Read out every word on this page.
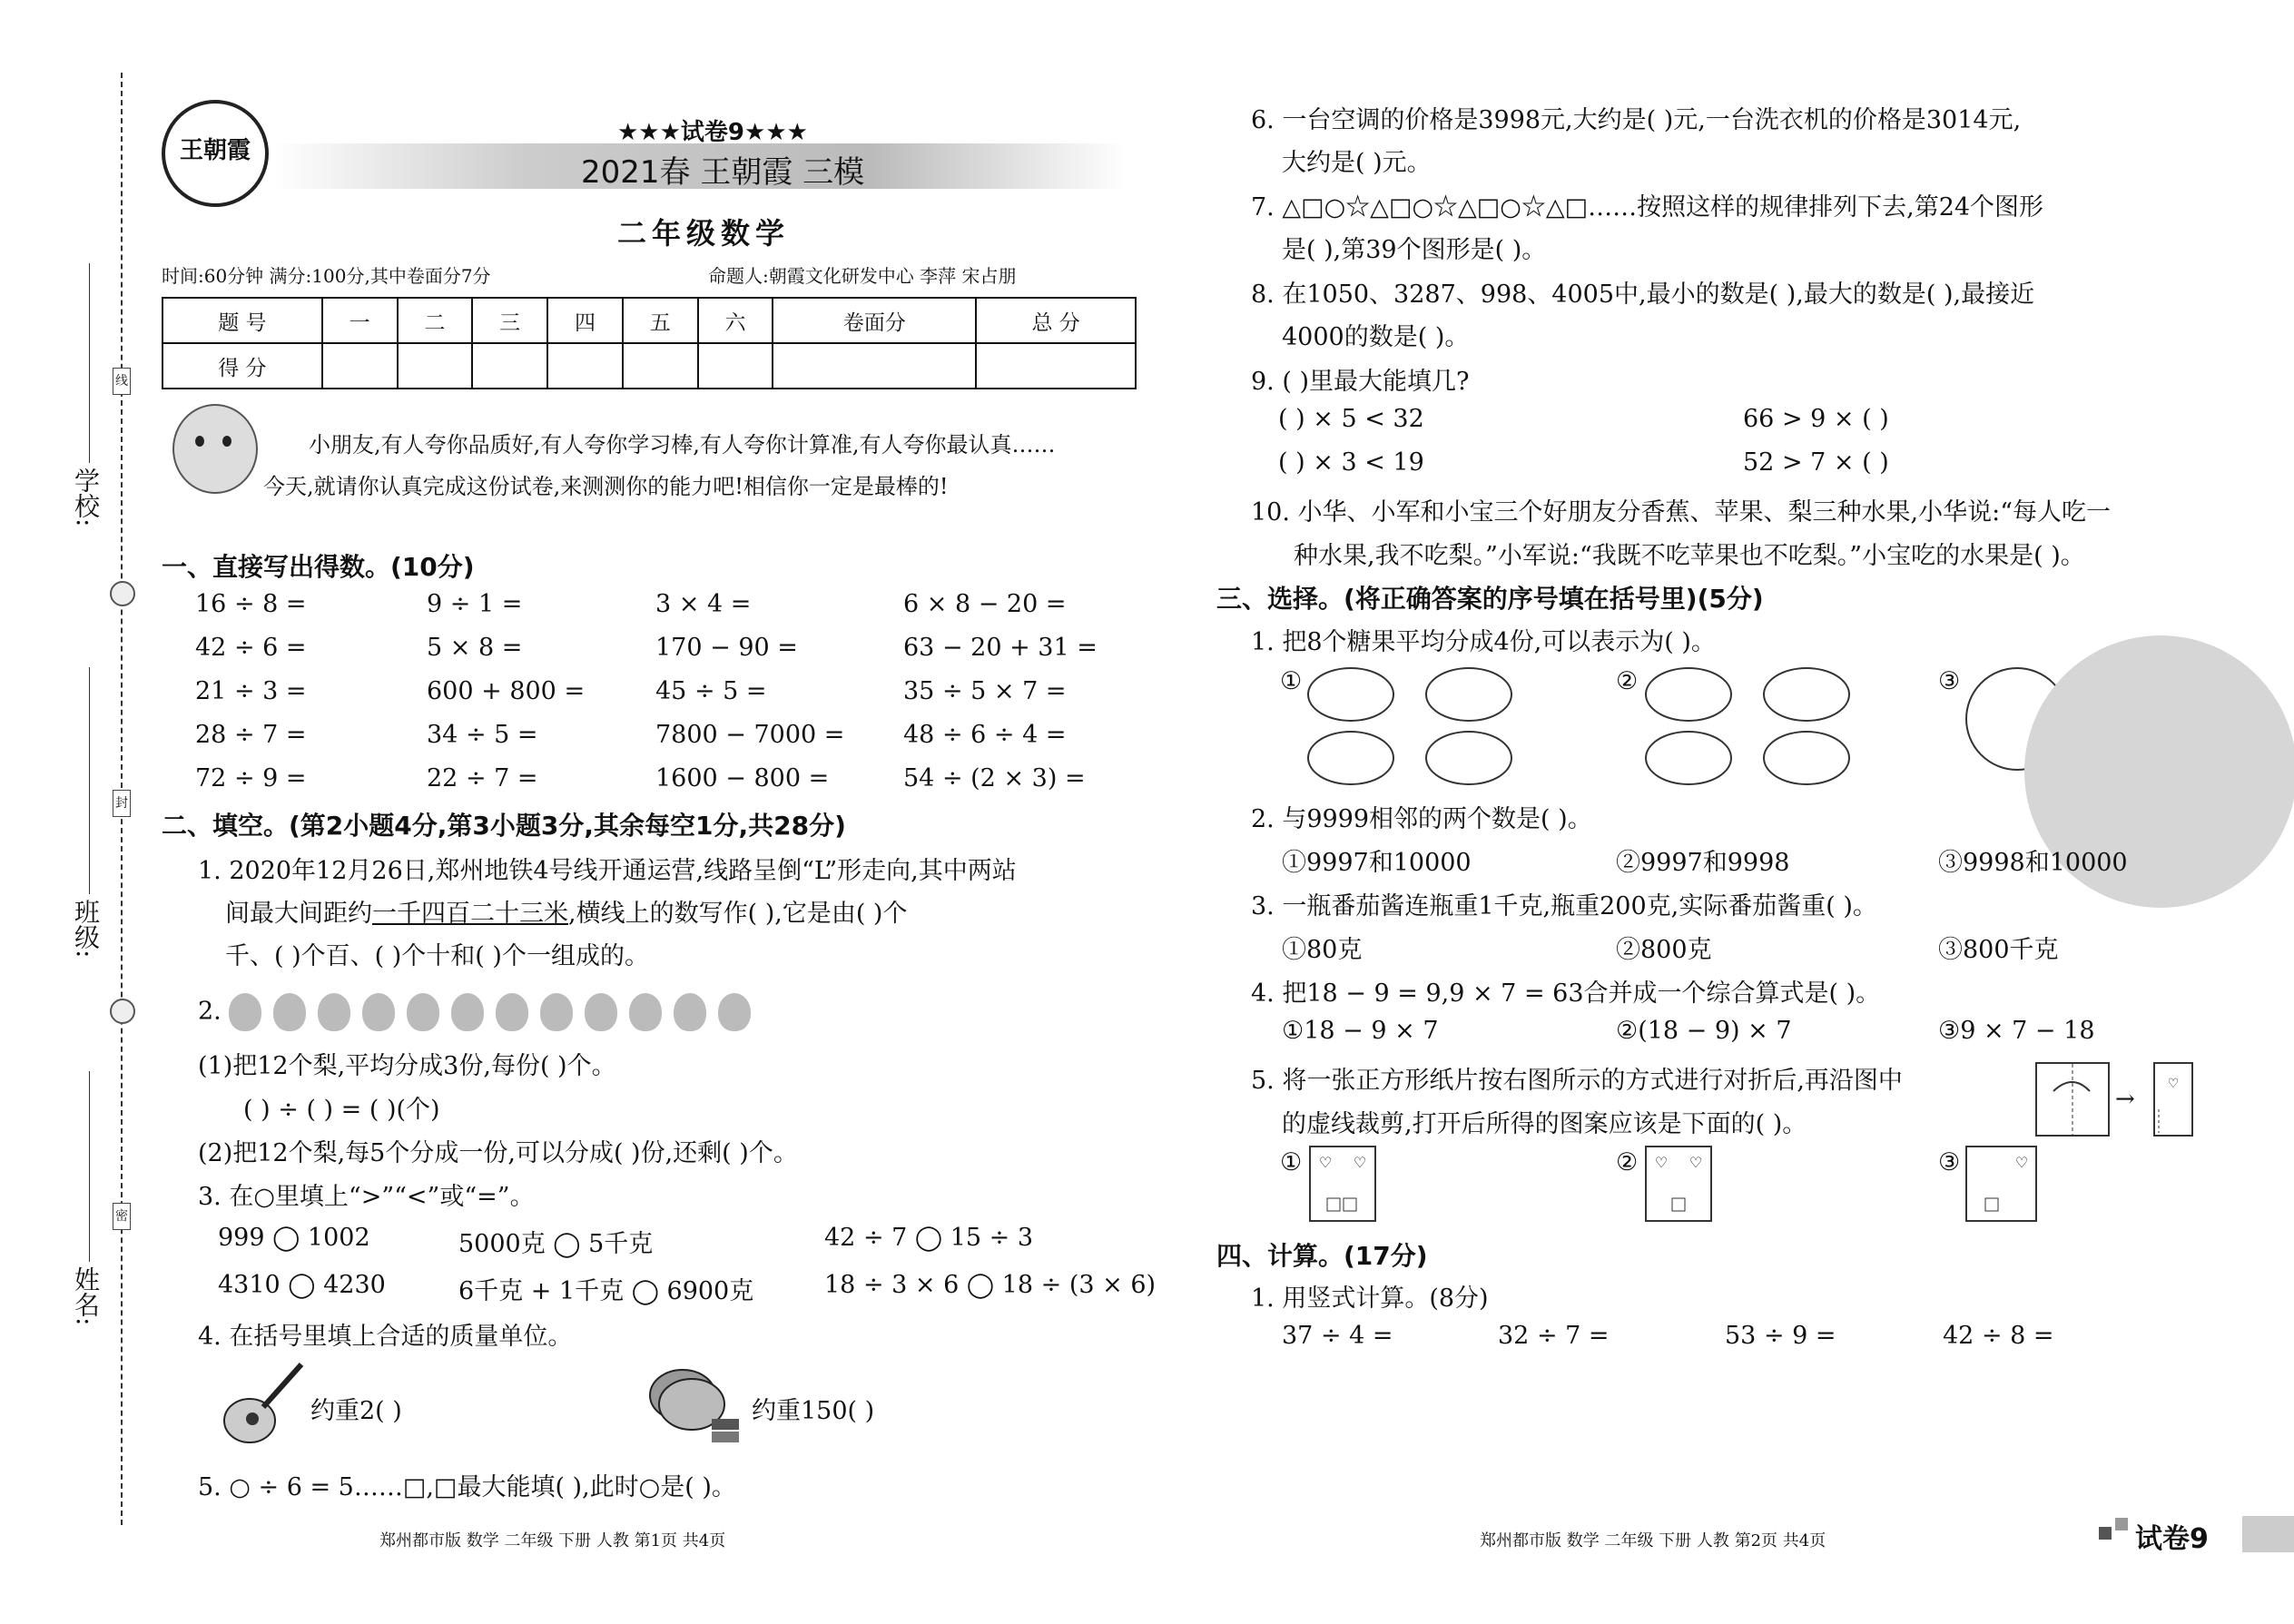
线
封
密
学校:
班级:
姓名:
王朝霞
★★★试卷9★★★
2021春 王朝霞 三模
二年级数学
时间:60分钟 满分:100分,其中卷面分7分	命题人:朝霞文化研发中心 李萍 宋占朋
题 号	一	二	三	四	五	六	卷面分	总 分
得 分								
小朋友,有人夸你品质好,有人夸你学习棒,有人夸你计算准,有人夸你最认真……
今天,就请你认真完成这份试卷,来测测你的能力吧!相信你一定是最棒的!
一、直接写出得数。(10分)
16 ÷ 8 =	9 ÷ 1 =	3 × 4 =	6 × 8 − 20 =
42 ÷ 6 =	5 × 8 =	170 − 90 =	63 − 20 + 31 =
21 ÷ 3 =	600 + 800 =	45 ÷ 5 =	35 ÷ 5 × 7 =
28 ÷ 7 =	34 ÷ 5 =	7800 − 7000 = 48 ÷ 6 ÷ 4 =
72 ÷ 9 =	22 ÷ 7 =	1600 − 800 =	54 ÷ (2 × 3) =
二、填空。(第2小题4分,第3小题3分,其余每空1分,共28分)
1. 2020年12月26日,郑州地铁4号线开通运营,线路呈倒“L”形走向,其中两站
间最大间距约一千四百二十三米,横线上的数写作( ),它是由( )个
千、( )个百、( )个十和( )个一组成的。
2.
(1)把12个梨,平均分成3份,每份( )个。
( ) ÷ ( ) = ( )(个)
(2)把12个梨,每5个分成一份,可以分成( )份,还剩( )个。
3. 在○里填上“>”“<”或“=”。
999 ◯ 1002	5000克 ◯ 5千克	42 ÷ 7 ◯ 15 ÷ 3
4310 ◯ 4230	6千克 + 1千克 ◯ 6900克	18 ÷ 3 × 6 ◯ 18 ÷ (3 × 6)
4. 在括号里填上合适的质量单位。
约重2( )	约重150( )
5. ○ ÷ 6 = 5……□,□最大能填( ),此时○是( )。
郑州都市版 数学 二年级 下册 人教 第1页 共4页
6. 一台空调的价格是3998元,大约是( )元,一台洗衣机的价格是3014元,
大约是( )元。
7. △□○☆△□○☆△□○☆△□……按照这样的规律排列下去,第24个图形
是( ),第39个图形是( )。
8. 在1050、3287、998、4005中,最小的数是( ),最大的数是( ),最接近
4000的数是( )。
9. ( )里最大能填几?
( ) × 5 < 32	66 > 9 × ( )
( ) × 3 < 19	52 > 7 × ( )
10. 小华、小军和小宝三个好朋友分香蕉、苹果、梨三种水果,小华说:“每人吃一
种水果,我不吃梨。”小军说:“我既不吃苹果也不吃梨。”小宝吃的水果是( )。
三、选择。(将正确答案的序号填在括号里)(5分)
1. 把8个糖果平均分成4份,可以表示为( )。
①	②	③
2. 与9999相邻的两个数是( )。
①9997和10000	②9997和9998	③9998和10000
3. 一瓶番茄酱连瓶重1千克,瓶重200克,实际番茄酱重( )。
①80克	②800克	③800千克
4. 把18 − 9 = 9,9 × 7 = 63合并成一个综合算式是( )。
①18 − 9 × 7	②(18 − 9) × 7	③9 × 7 − 18
5. 将一张正方形纸片按右图所示的方式进行对折后,再沿图中
的虚线裁剪,打开后所得的图案应该是下面的( )。
→
♡
① ♡ ♡	② ♡ ♡	③	♡
四、计算。(17分)
1. 用竖式计算。(8分)
37 ÷ 4 =	32 ÷ 7 =	53 ÷ 9 =	42 ÷ 8 =
郑州都市版 数学 二年级 下册 人教 第2页 共4页	试卷9
